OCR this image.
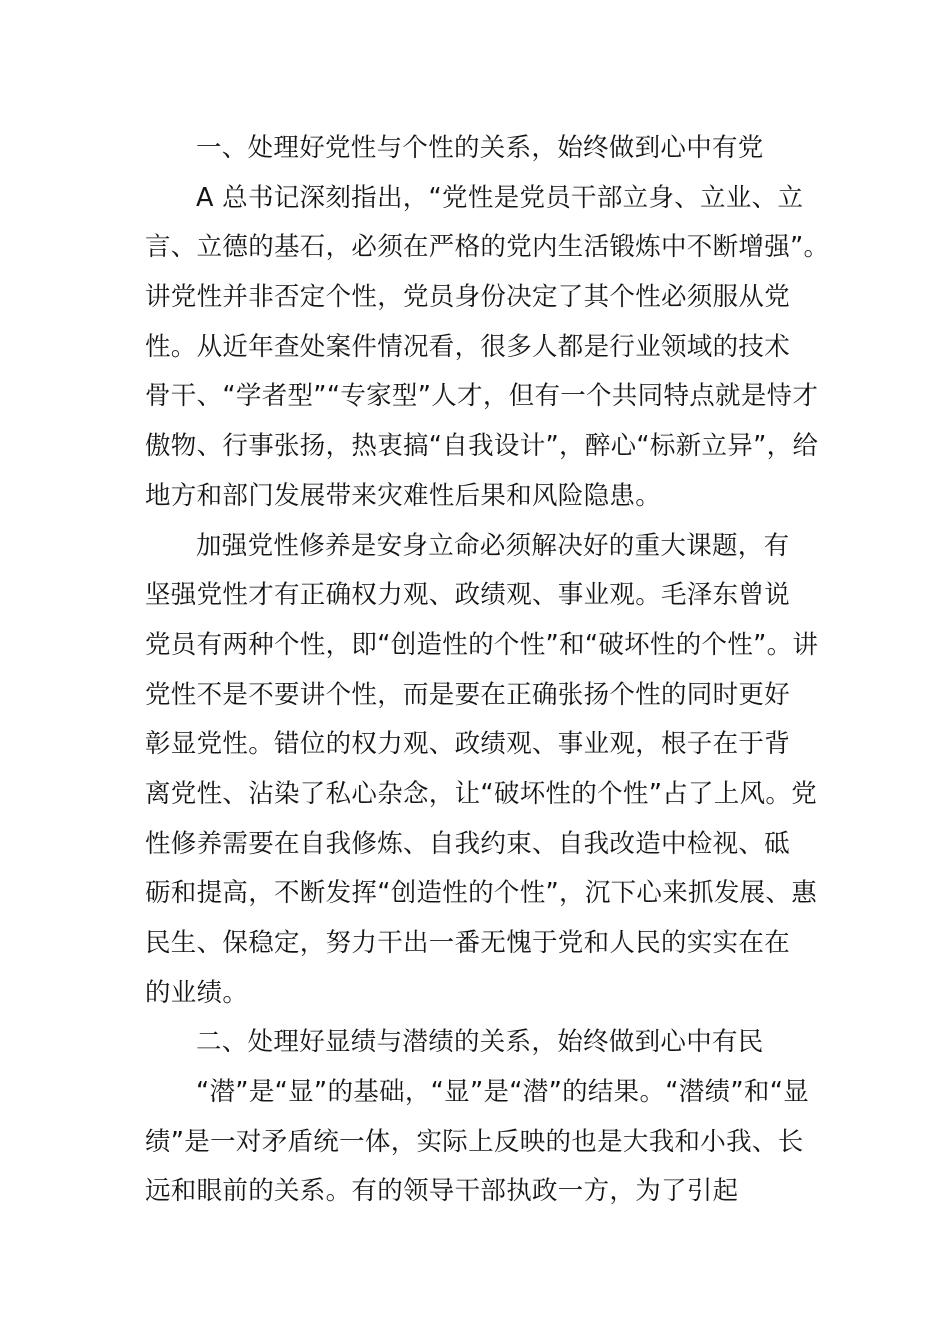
一、处理好党性与个性的关系，始终做到心中有党
A 总书记深刻指出，“党性是党员干部立身、立业、立
言、立德的基石，必须在严格的党内生活锻炼中不断增强”。
讲党性并非否定个性，党员身份决定了其个性必须服从党
性。从近年查处案件情况看，很多人都是行业领域的技术
骨干、“学者型”“专家型”人才，但有一个共同特点就是恃才
傲物、行事张扬，热衷搞“自我设计”，醉心“标新立异”，给
地方和部门发展带来灾难性后果和风险隐患。
加强党性修养是安身立命必须解决好的重大课题，有
坚强党性才有正确权力观、政绩观、事业观。毛泽东曾说
党员有两种个性，即“创造性的个性”和“破坏性的个性”。讲
党性不是不要讲个性，而是要在正确张扬个性的同时更好
彰显党性。错位的权力观、政绩观、事业观，根子在于背
离党性、沾染了私心杂念，让“破坏性的个性”占了上风。党
性修养需要在自我修炼、自我约束、自我改造中检视、砥
砺和提高，不断发挥“创造性的个性”，沉下心来抓发展、惠
民生、保稳定，努力干出一番无愧于党和人民的实实在在
的业绩。
二、处理好显绩与潜绩的关系，始终做到心中有民
“潜”是“显”的基础，“显”是“潜”的结果。“潜绩”和“显
绩”是一对矛盾统一体，实际上反映的也是大我和小我、长
远和眼前的关系。有的领导干部执政一方，为了引起
